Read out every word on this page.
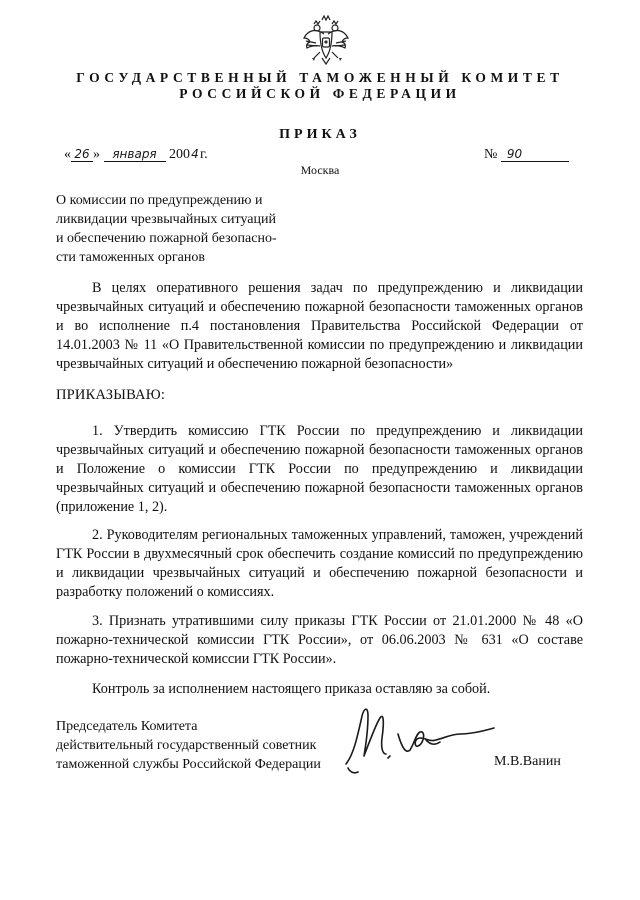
ГОСУДАРСТВЕННЫЙ ТАМОЖЕННЫЙ КОМИТЕТ
РОССИЙСКОЙ ФЕДЕРАЦИИ
ПРИКАЗ
« 26 » января 2004г.	№ 90
Москва
О комиссии по предупреждению и
ликвидации чрезвычайных ситуаций
и обеспечению пожарной безопасно-
сти таможенных органов
В целях оперативного решения задач по предупреждению и ликвидации чрезвычайных ситуаций и обеспечению пожарной безопасности таможенных органов и во исполнение п.4 постановления Правительства Российской Федерации от 14.01.2003 № 11 «О Правительственной комиссии по предупреждению и ликвидации чрезвычайных ситуаций и обеспечению пожарной безопасности»
ПРИКАЗЫВАЮ:
1. Утвердить комиссию ГТК России по предупреждению и ликвидации чрезвычайных ситуаций и обеспечению пожарной безопасности таможенных органов и Положение о комиссии ГТК России по предупреждению и ликвидации чрезвычайных ситуаций и обеспечению пожарной безопасности таможенных органов (приложение 1, 2).
2. Руководителям региональных таможенных управлений, таможен, учреждений ГТК России в двухмесячный срок обеспечить создание комиссий по предупреждению и ликвидации чрезвычайных ситуаций и обеспечению пожарной безопасности и разработку положений о комиссиях.
3. Признать утратившими силу приказы ГТК России от 21.01.2000 № 48 «О пожарно-технической комиссии ГТК России», от 06.06.2003 № 631 «О составе пожарно-технической комиссии ГТК России».
Контроль за исполнением настоящего приказа оставляю за собой.
Председатель Комитета
действительный государственный советник
таможенной службы Российской Федерации	М.В.Ванин
